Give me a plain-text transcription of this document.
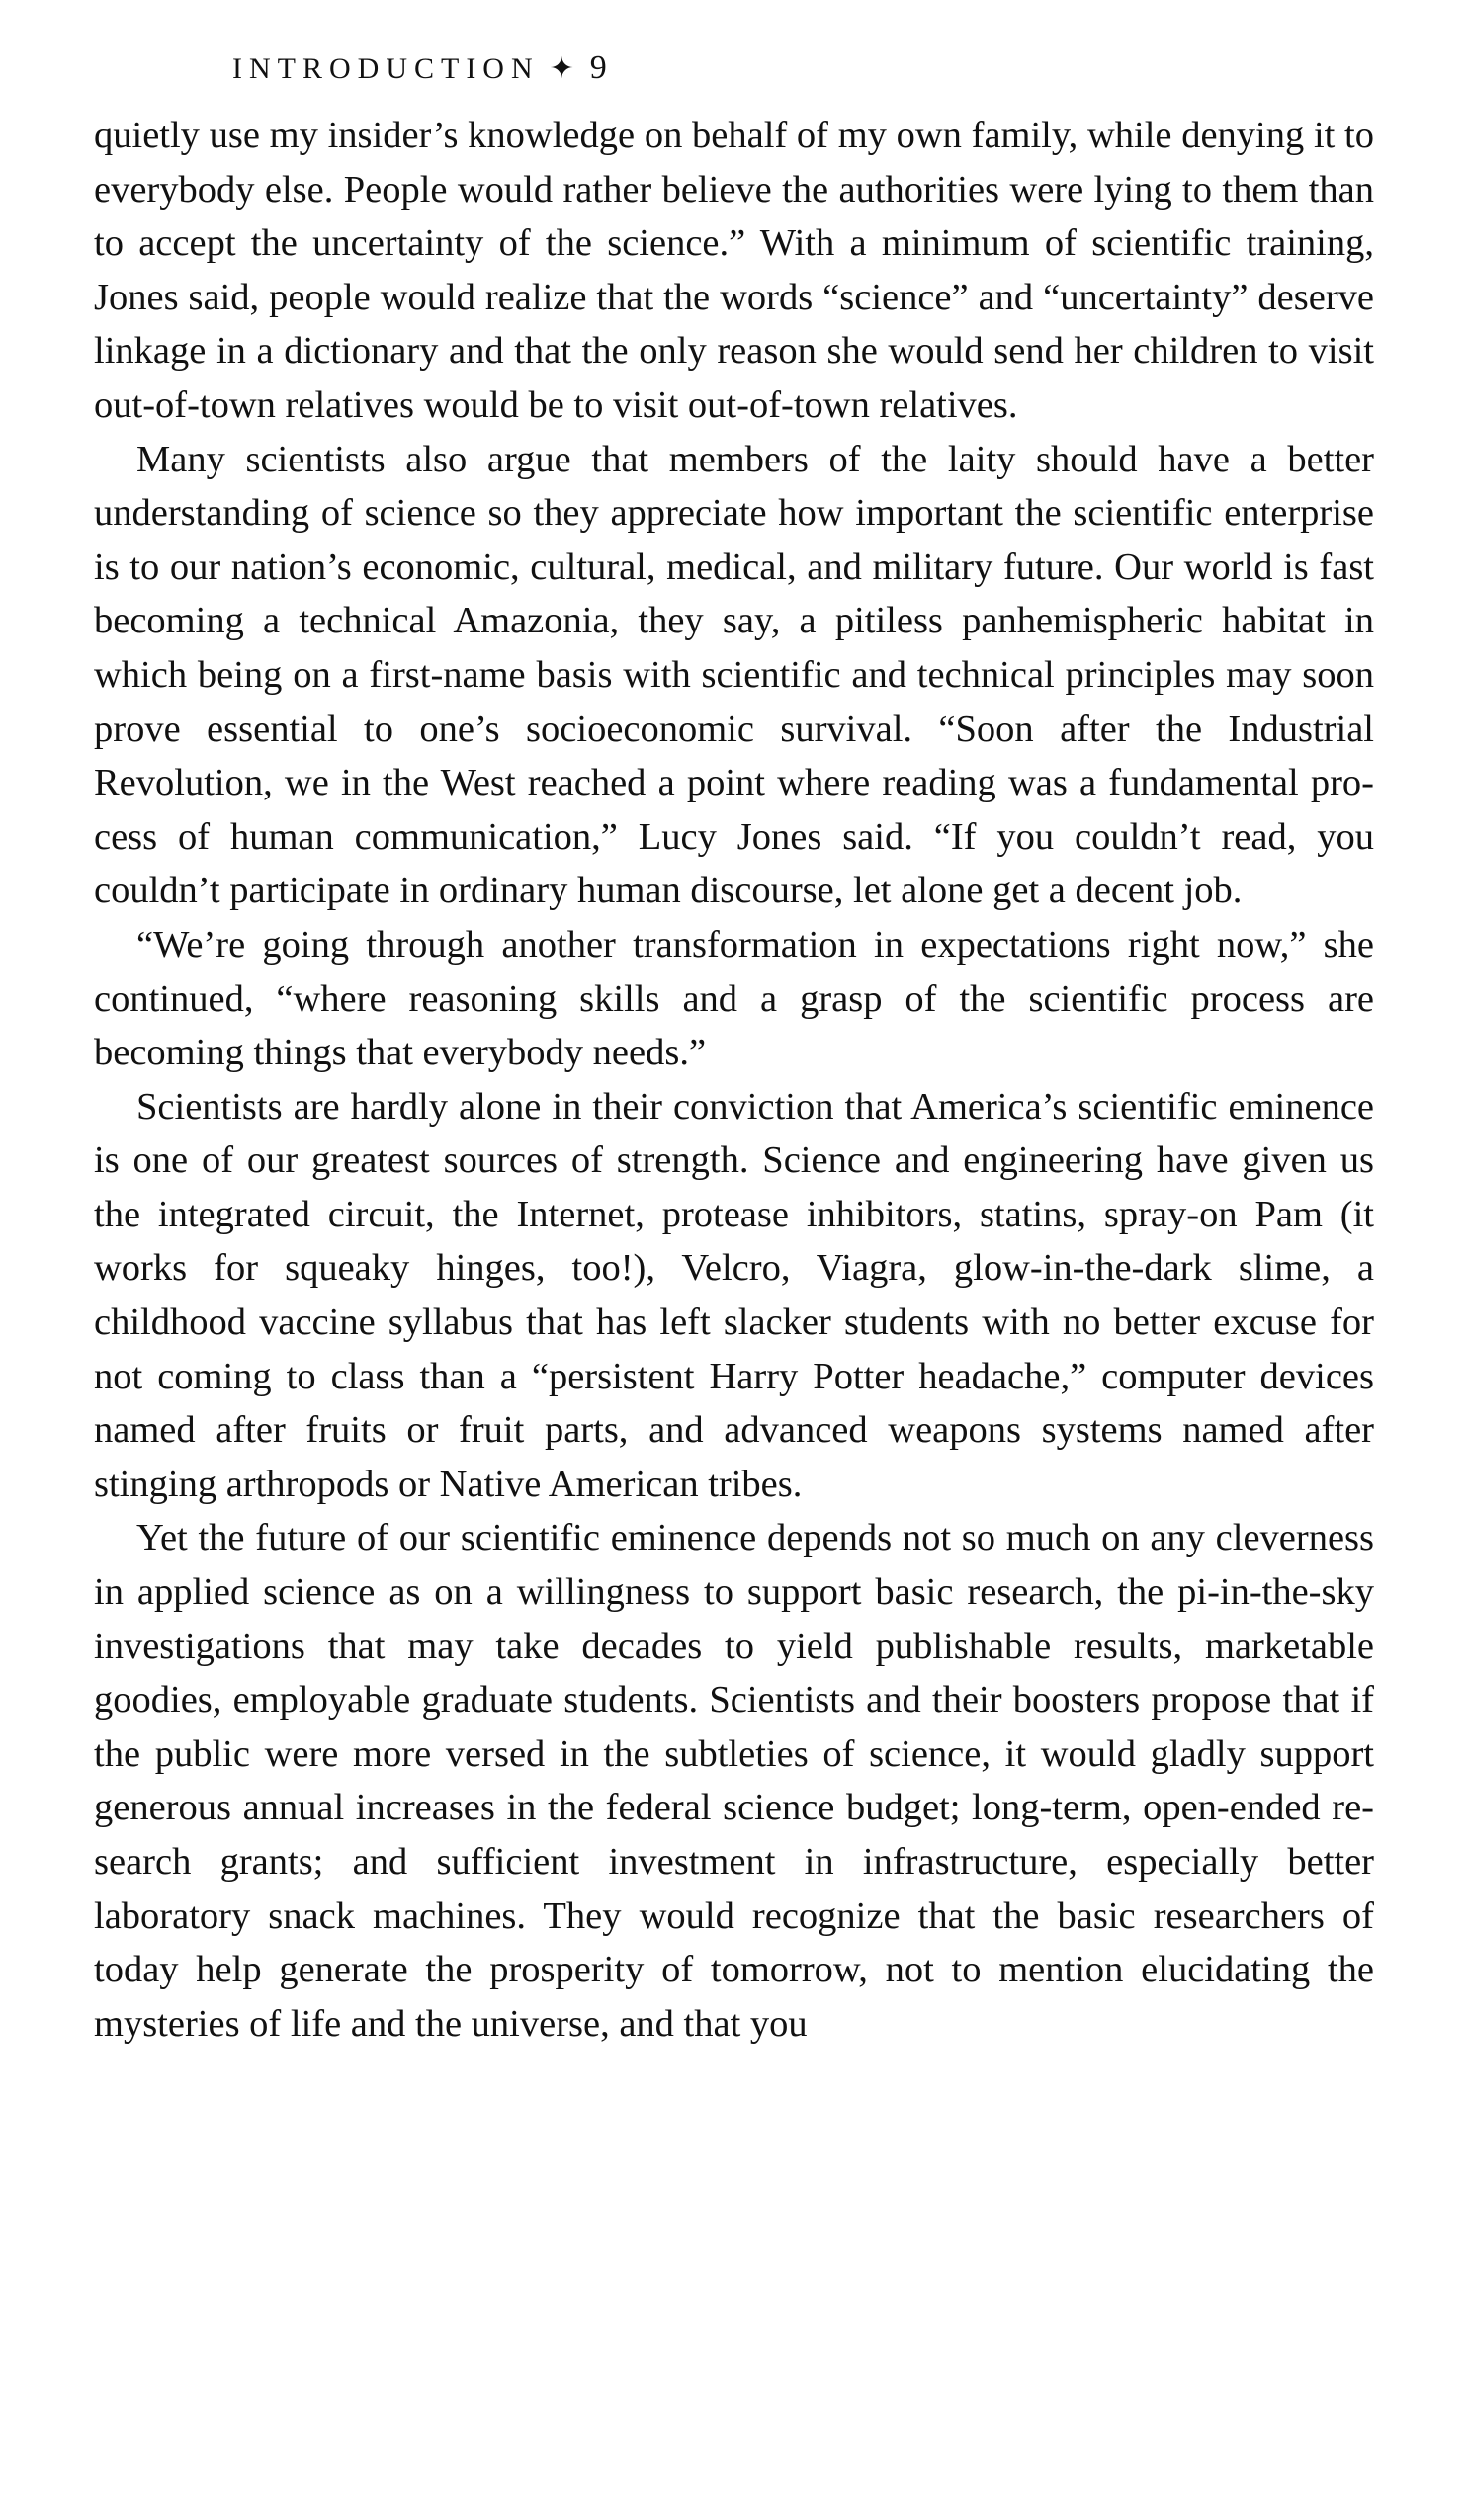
INTRODUCTION ✦ 9

quietly use my insider’s knowledge on behalf of my own family, while denying it to everybody else. People would rather believe the authorities were lying to them than to accept the uncertainty of the science.” With a minimum of scientific training, Jones said, people would realize that the words “science” and “uncertainty” deserve linkage in a dictionary and that the only reason she would send her children to visit out-of-town relatives would be to visit out-of-town relatives.

Many scientists also argue that members of the laity should have a better understanding of science so they appreciate how important the scientific enterprise is to our nation’s economic, cultural, medical, and military future. Our world is fast becoming a technical Amazonia, they say, a pitiless panhemispheric habitat in which being on a first-name basis with scientific and technical principles may soon prove essential to one’s socioeconomic survival. “Soon after the Industrial Revolution, we in the West reached a point where reading was a fundamental process of human communication,” Lucy Jones said. “If you couldn’t read, you couldn’t participate in ordinary human discourse, let alone get a decent job.

“We’re going through another transformation in expectations right now,” she continued, “where reasoning skills and a grasp of the scientific process are becoming things that everybody needs.”

Scientists are hardly alone in their conviction that America’s scientific eminence is one of our greatest sources of strength. Science and engineering have given us the integrated circuit, the Internet, protease inhibitors, statins, spray-on Pam (it works for squeaky hinges, too!), Velcro, Viagra, glow-in-the-dark slime, a childhood vaccine syllabus that has left slacker students with no better excuse for not coming to class than a “persistent Harry Potter headache,” computer devices named after fruits or fruit parts, and advanced weapons systems named after stinging arthropods or Native American tribes.

Yet the future of our scientific eminence depends not so much on any cleverness in applied science as on a willingness to support basic research, the pi-in-the-sky investigations that may take decades to yield publishable results, marketable goodies, employable graduate students. Scientists and their boosters propose that if the public were more versed in the subtleties of science, it would gladly support generous annual increases in the federal science budget; long-term, open-ended research grants; and sufficient investment in infrastructure, especially better laboratory snack machines. They would recognize that the basic researchers of today help generate the prosperity of tomorrow, not to mention elucidating the mysteries of life and the universe, and that you
